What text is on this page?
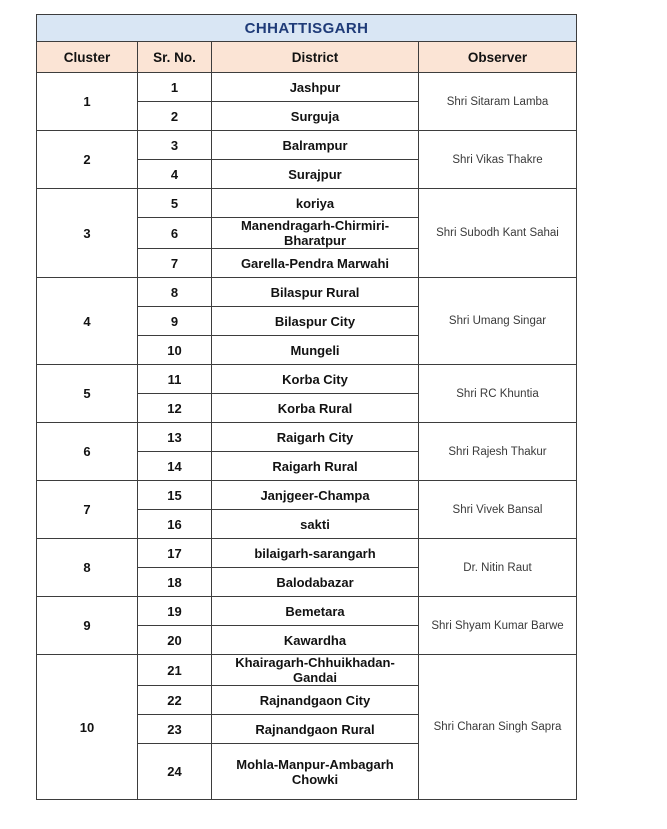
CHHATTISGARH			
Cluster	Sr. No.	District	Observer
1	1	Jashpur	Shri Sitaram Lamba
	2	Surguja	
2	3	Balrampur	Shri Vikas Thakre
	4	Surajpur	
3	5	koriya	Shri Subodh Kant Sahai
	6	Manendragarh-Chirmiri-Bharatpur	
	7	Garella-Pendra Marwahi	
4	8	Bilaspur Rural	Shri Umang Singar
	9	Bilaspur City	
	10	Mungeli	
5	11	Korba City	Shri RC Khuntia
	12	Korba Rural	
6	13	Raigarh City	Shri Rajesh Thakur
	14	Raigarh Rural	
7	15	Janjgeer-Champa	Shri Vivek Bansal
	16	sakti	
8	17	bilaigarh-sarangarh	Dr. Nitin Raut
	18	Balodabazar	
9	19	Bemetara	Shri Shyam Kumar Barwe
	20	Kawardha	
10	21	Khairagarh-Chhuikhadan-Gandai	Shri Charan Singh Sapra
	22	Rajnandgaon City	
	23	Rajnandgaon Rural	
	24	Mohla-Manpur-Ambagarh Chowki	
